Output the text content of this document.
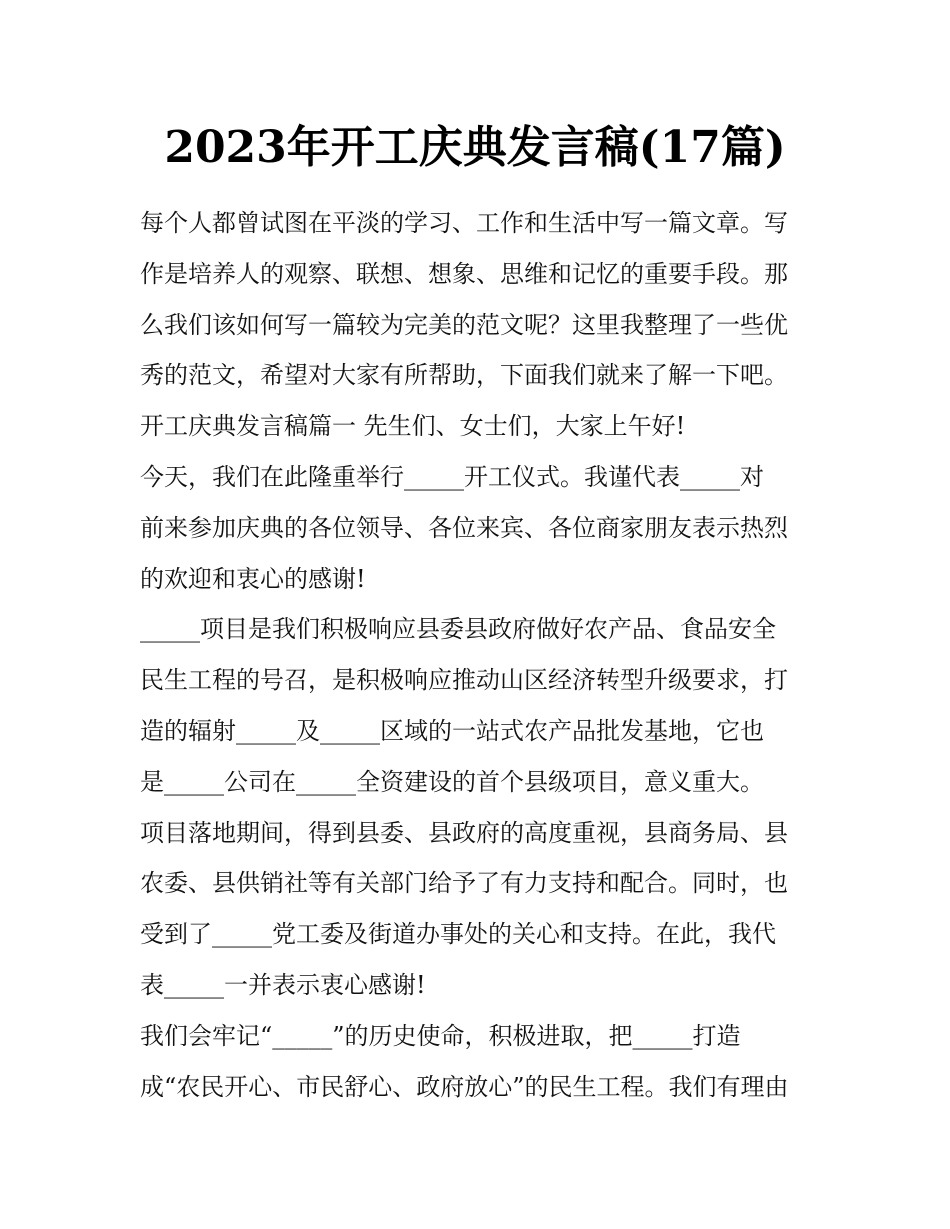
2023年开工庆典发言稿(17篇)

每个人都曾试图在平淡的学习、工作和生活中写一篇文章。写

作是培养人的观察、联想、想象、思维和记忆的重要手段。那

么我们该如何写一篇较为完美的范文呢？这里我整理了一些优

秀的范文，希望对大家有所帮助，下面我们就来了解一下吧。

开工庆典发言稿篇一 先生们、女士们，大家上午好!

今天，我们在此隆重举行_____开工仪式。我谨代表_____对

前来参加庆典的各位领导、各位来宾、各位商家朋友表示热烈

的欢迎和衷心的感谢!

_____项目是我们积极响应县委县政府做好农产品、食品安全

民生工程的号召，是积极响应推动山区经济转型升级要求，打

造的辐射_____及_____区域的一站式农产品批发基地，它也

是_____公司在_____全资建设的首个县级项目，意义重大。

项目落地期间，得到县委、县政府的高度重视，县商务局、县

农委、县供销社等有关部门给予了有力支持和配合。同时，也

受到了_____党工委及街道办事处的关心和支持。在此，我代

表_____一并表示衷心感谢!

我们会牢记“_____”的历史使命，积极进取，把_____打造

成“农民开心、市民舒心、政府放心”的民生工程。我们有理由
